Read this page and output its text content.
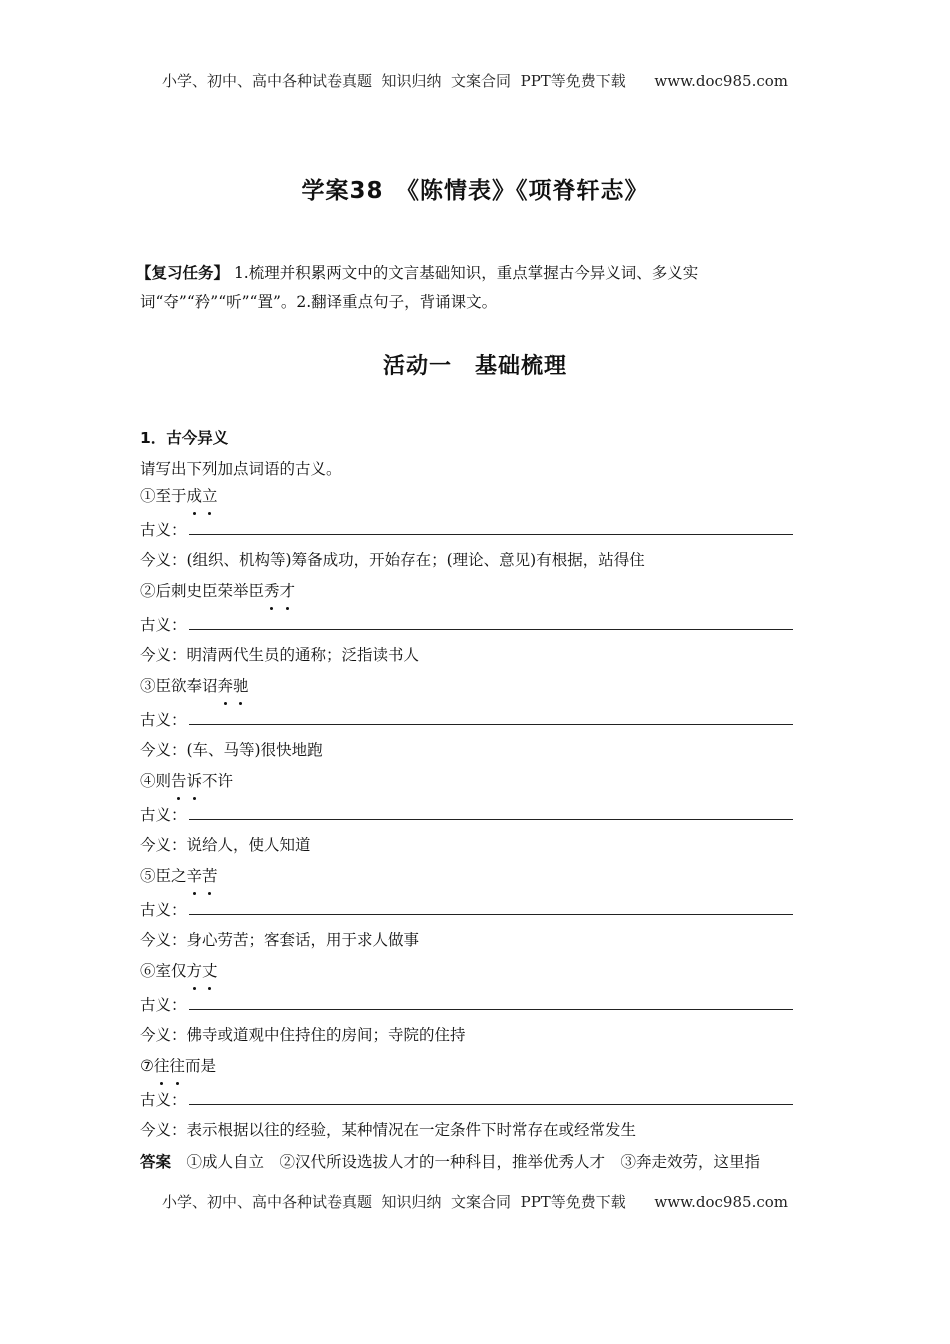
小学、初中、高中各种试卷真题  知识归纳  文案合同  PPT等免费下载      www.doc985.com
学案38　《陈情表》《项脊轩志》
【复习任务】 1.梳理并积累两文中的文言基础知识，重点掌握古今异义词、多义实词“夺”“矜”“听”“置”。2.翻译重点句子，背诵课文。
活动一　基础梳理
1．古今异义
请写出下列加点词语的古义。
①至于成立
古义：
今义：(组织、机构等)筹备成功，开始存在；(理论、意见)有根据，站得住
②后刺史臣荣举臣秀才
古义：
今义：明清两代生员的通称；泛指读书人
③臣欲奉诏奔驰
古义：
今义：(车、马等)很快地跑
④则告诉不许
古义：
今义：说给人，使人知道
⑤臣之辛苦
古义：
今义：身心劳苦；客套话，用于求人做事
⑥室仅方丈
古义：
今义：佛寺或道观中住持住的房间；寺院的住持
⑦往往而是
古义：
今义：表示根据以往的经验，某种情况在一定条件下时常存在或经常发生
答案　①成人自立　②汉代所设选拔人才的一种科目，推举优秀人才　③奔走效劳，这里指
小学、初中、高中各种试卷真题  知识归纳  文案合同  PPT等免费下载      www.doc985.com
